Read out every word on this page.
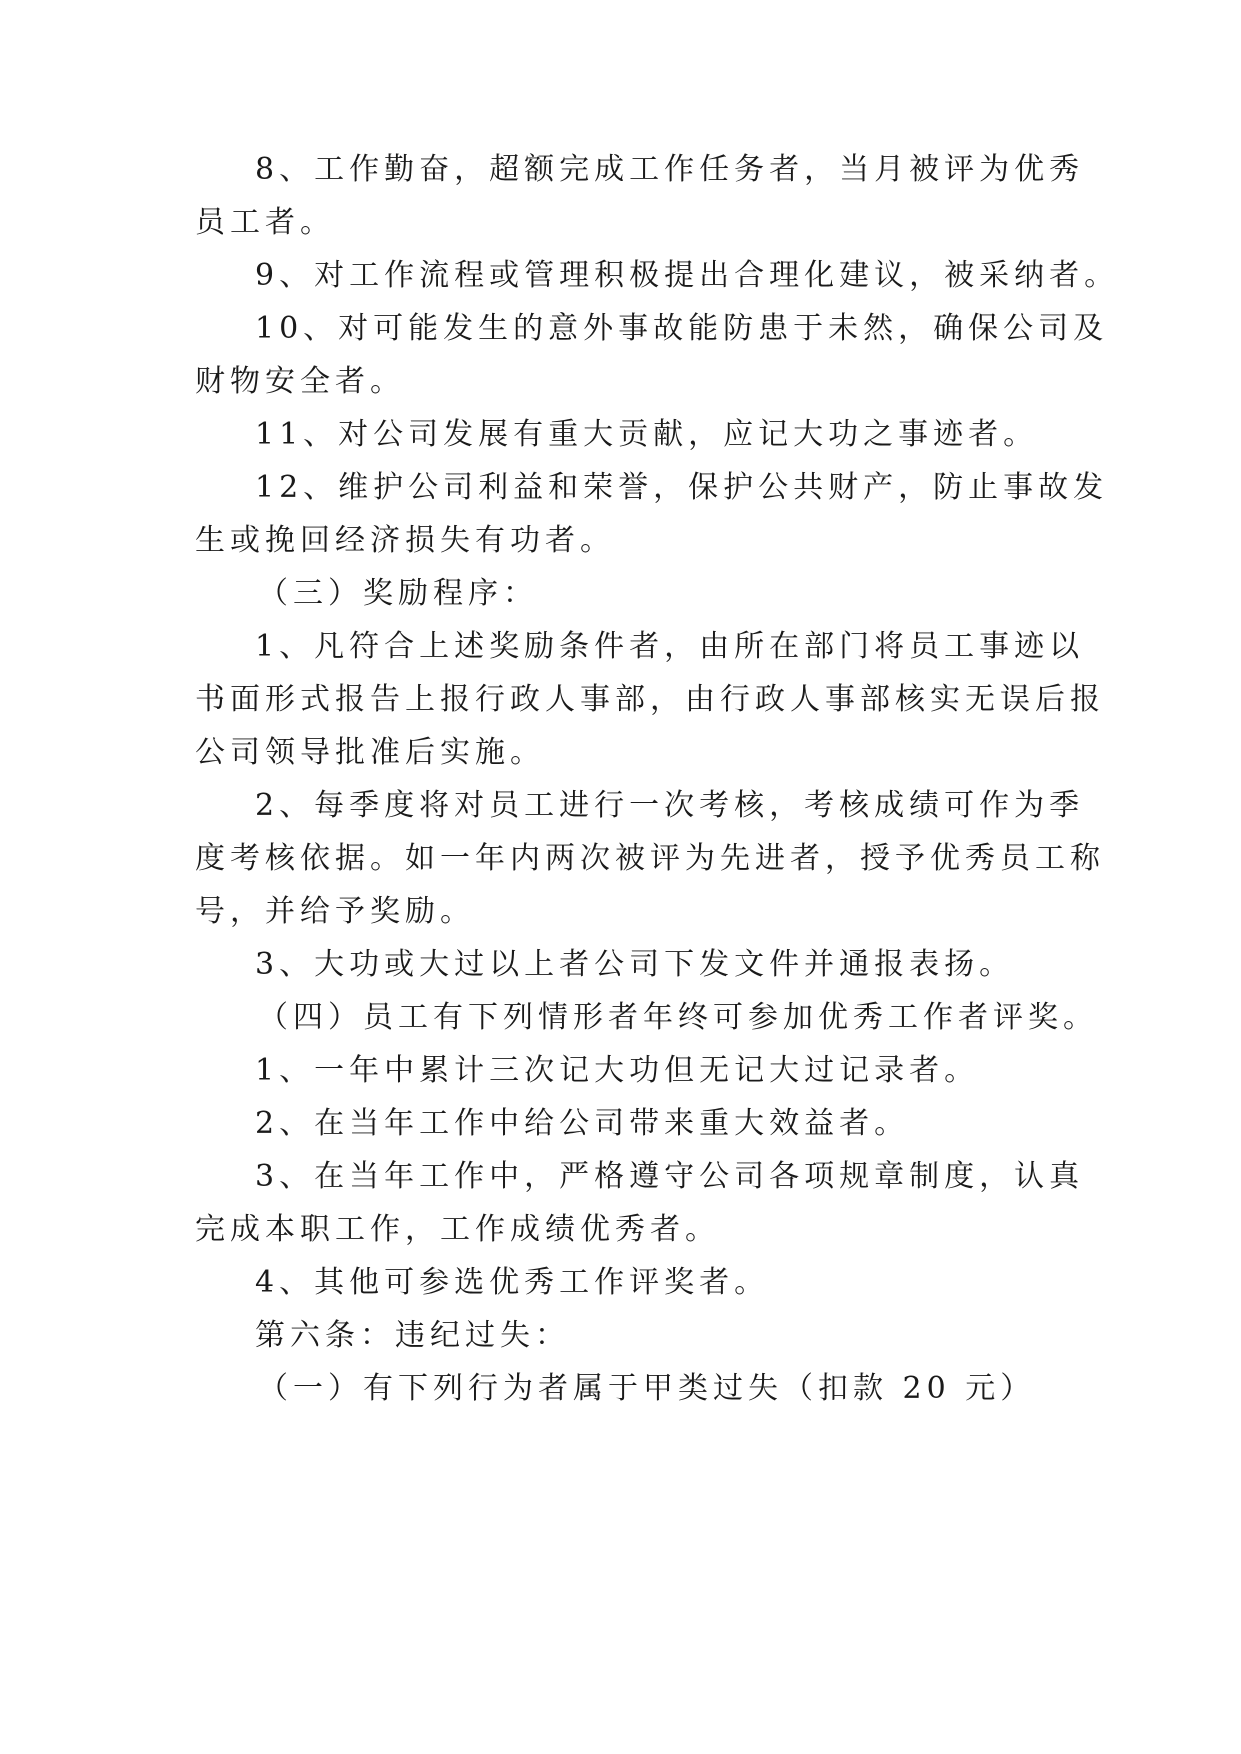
8、工作勤奋，超额完成工作任务者，当月被评为优秀
员工者。
9、对工作流程或管理积极提出合理化建议，被采纳者。
10、对可能发生的意外事故能防患于未然，确保公司及
财物安全者。
11、对公司发展有重大贡献，应记大功之事迹者。
12、维护公司利益和荣誉，保护公共财产，防止事故发
生或挽回经济损失有功者。
（三）奖励程序：
1、凡符合上述奖励条件者，由所在部门将员工事迹以
书面形式报告上报行政人事部，由行政人事部核实无误后报
公司领导批准后实施。
2、每季度将对员工进行一次考核，考核成绩可作为季
度考核依据。如一年内两次被评为先进者，授予优秀员工称
号，并给予奖励。
3、大功或大过以上者公司下发文件并通报表扬。
（四）员工有下列情形者年终可参加优秀工作者评奖。
1、一年中累计三次记大功但无记大过记录者。
2、在当年工作中给公司带来重大效益者。
3、在当年工作中，严格遵守公司各项规章制度，认真
完成本职工作，工作成绩优秀者。
4、其他可参选优秀工作评奖者。
第六条：违纪过失：
（一）有下列行为者属于甲类过失（扣款 20 元）
